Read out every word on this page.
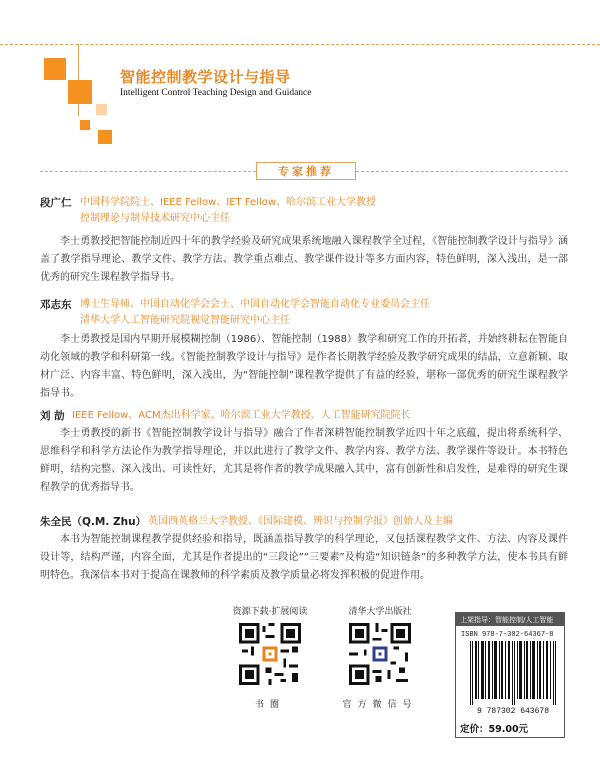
智能控制教学设计与指导
Intelligent Control Teaching Design and Guidance
专家推荐
段广仁 中国科学院院士、IEEE Fellow、IET Fellow、哈尔滨工业大学教授
控制理论与制导技术研究中心主任
李士勇教授把智能控制近四十年的教学经验及研究成果系统地融入课程教学全过程，《智能控制教学设计与指导》涵盖了教学指导理论、教学文件、教学方法、教学重点难点、教学课件设计等多方面内容，特色鲜明，深入浅出，是一部优秀的研究生课程教学指导书。
邓志东 博士生导师、中国自动化学会会士、中国自动化学会智能自动化专业委员会主任
清华大学人工智能研究院视觉智能研究中心主任
李士勇教授是国内早期开展模糊控制（1986）、智能控制（1988）教学和研究工作的开拓者，并始终耕耘在智能自动化领域的教学和科研第一线。《智能控制教学设计与指导》是作者长期教学经验及教学研究成果的结晶，立意新颖、取材广泛、内容丰富、特色鲜明，深入浅出，为“智能控制”课程教学提供了有益的经验，堪称一部优秀的研究生课程教学指导书。
刘 劼 IEEE Fellow、ACM杰出科学家、哈尔滨工业大学教授、人工智能研究院院长
李士勇教授的新书《智能控制教学设计与指导》融合了作者深耕智能控制教学近四十年之底蕴，提出将系统科学、思维科学和科学方法论作为教学指导理论，并以此进行了教学文件、教学内容、教学方法、教学课件等设计。本书特色鲜明，结构完整、深入浅出、可读性好，尤其是将作者的教学成果融入其中，富有创新性和启发性，是难得的研究生课程教学的优秀指导书。
朱全民（Q.M. Zhu） 英国西英格兰大学教授、《国际建模、辨识与控制学报》创始人及主编
本书为智能控制课程教学提供经验和指导，既涵盖指导教学的科学理论，又包括课程教学文件、方法、内容及课件设计等，结构严谨，内容全面，尤其是作者提出的“三段论”“三要素”及构造“知识链条”的多种教学方法，使本书具有鲜明特色。我深信本书对于提高在课教师的科学素质及教学质量必将发挥积极的促进作用。
资源下载·扩展阅读
书圈
清华大学出版社
官方微信号
上架指导：智能控制/人工智能
ISBN 978-7-302-64367-8
9 787302 643678
定价：59.00元
